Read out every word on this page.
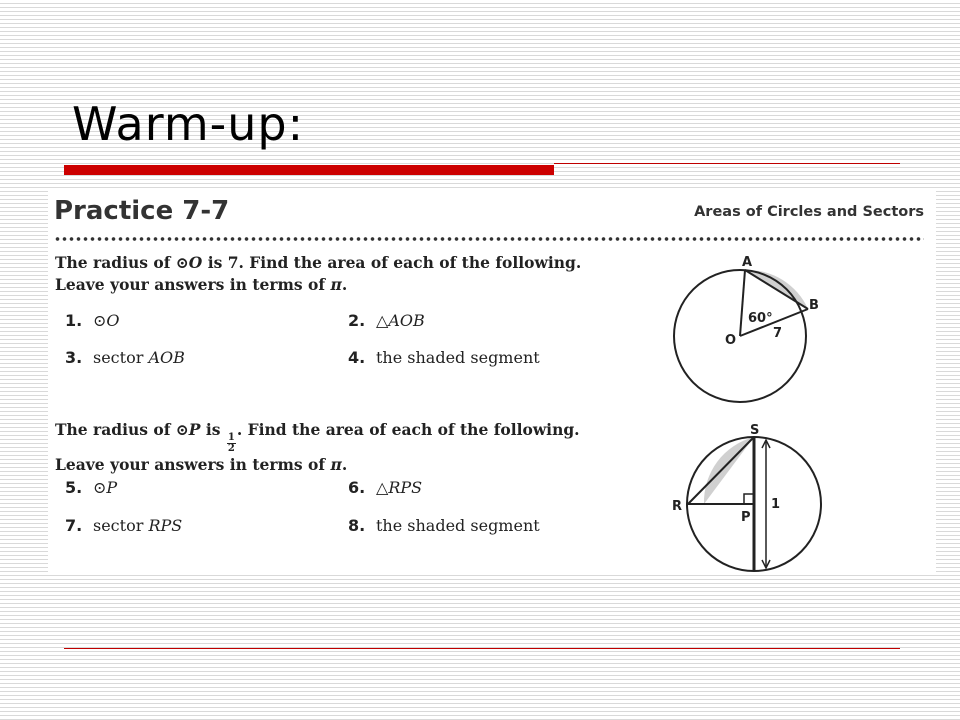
Warm-up:
Practice 7-7	Areas of Circles and Sectors

The radius of ⊙O is 7. Find the area of each of the following. Leave your answers in terms of π.

1. ⊙O	2. △AOB
3. sector AOB	4. the shaded segment

The radius of ⊙P is
$\frac{1}{2}$
. Find the area of each of the following. Leave your answers in terms of π.

5. ⊙P	6. △RPS
7. sector RPS	8. the shaded segment
A
B
O
60°
7
S
R
P
1
